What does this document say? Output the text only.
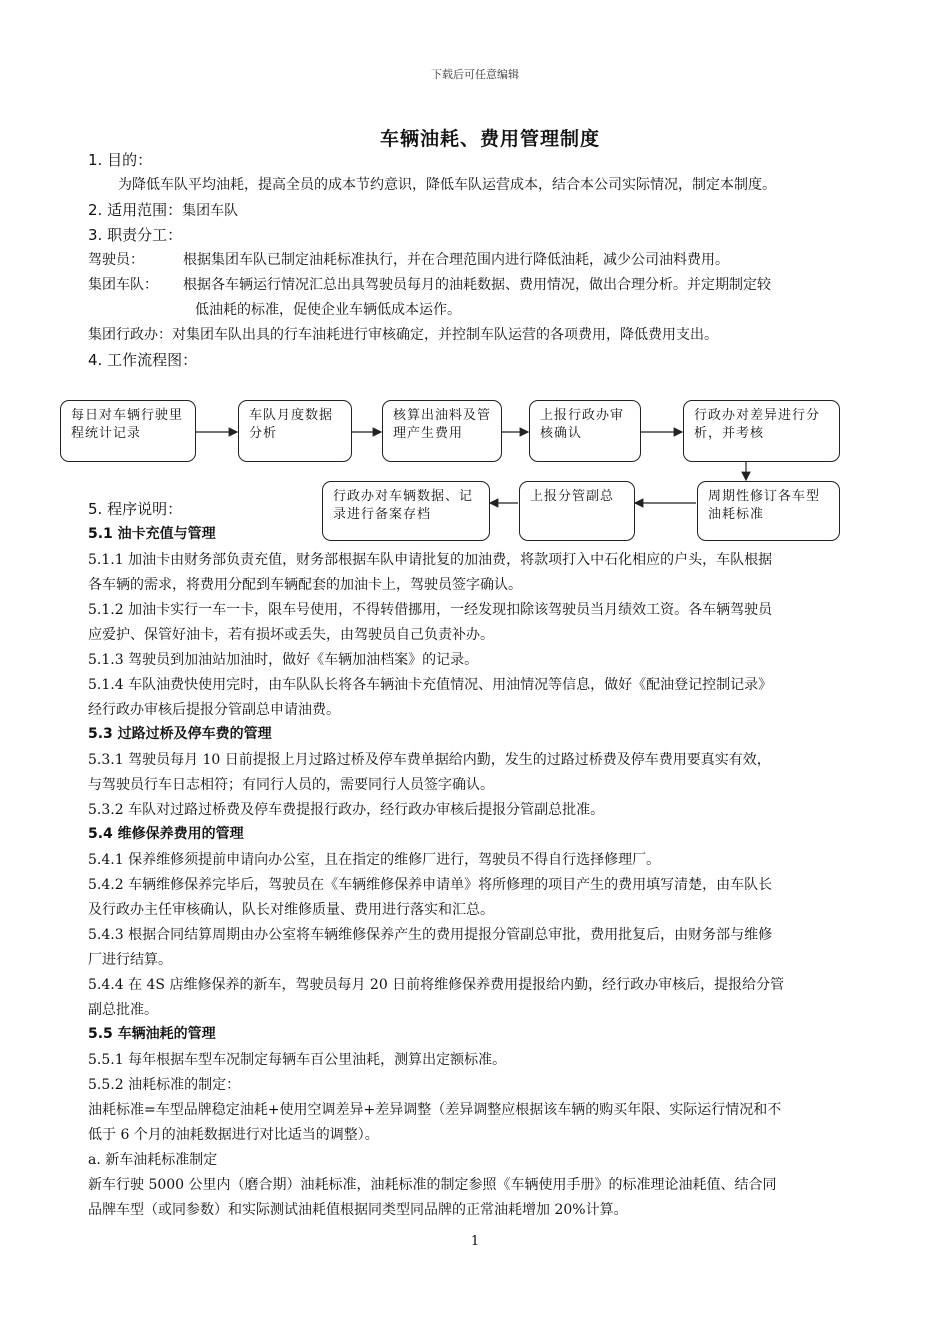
下载后可任意编辑
车辆油耗、费用管理制度
1. 目的：
为降低车队平均油耗，提高全员的成本节约意识，降低车队运营成本，结合本公司实际情况，制定本制度。
2. 适用范围：集团车队
3. 职责分工：
驾驶员：	根据集团车队已制定油耗标准执行，并在合理范围内进行降低油耗，减少公司油料费用。
集团车队： 根据各车辆运行情况汇总出具驾驶员每月的油耗数据、费用情况，做出合理分析。并定期制定较
低油耗的标准，促使企业车辆低成本运作。
集团行政办：对集团车队出具的行车油耗进行审核确定，并控制车队运营的各项费用，降低费用支出。
4. 工作流程图：
每日对车辆行驶里程统计记录
车队月度数据分析
核算出油料及管理产生费用
上报行政办审核确认
行政办对差异进行分析，并考核
周期性修订各车型油耗标准
上报分管副总
行政办对车辆数据、记录进行备案存档
5. 程序说明：
5.1 油卡充值与管理
5.1.1 加油卡由财务部负责充值，财务部根据车队申请批复的加油费，将款项打入中石化相应的户头，车队根据
各车辆的需求，将费用分配到车辆配套的加油卡上，驾驶员签字确认。
5.1.2 加油卡实行一车一卡，限车号使用，不得转借挪用，一经发现扣除该驾驶员当月绩效工资。各车辆驾驶员
应爱护、保管好油卡，若有损坏或丢失，由驾驶员自己负责补办。
5.1.3 驾驶员到加油站加油时，做好《车辆加油档案》的记录。
5.1.4 车队油费快使用完时，由车队队长将各车辆油卡充值情况、用油情况等信息，做好《配油登记控制记录》
经行政办审核后提报分管副总申请油费。
5.3 过路过桥及停车费的管理
5.3.1 驾驶员每月 10 日前提报上月过路过桥及停车费单据给内勤，发生的过路过桥费及停车费用要真实有效，
与驾驶员行车日志相符；有同行人员的，需要同行人员签字确认。
5.3.2 车队对过路过桥费及停车费提报行政办，经行政办审核后提报分管副总批准。
5.4 维修保养费用的管理
5.4.1 保养维修须提前申请向办公室，且在指定的维修厂进行，驾驶员不得自行选择修理厂。
5.4.2 车辆维修保养完毕后，驾驶员在《车辆维修保养申请单》将所修理的项目产生的费用填写清楚，由车队长
及行政办主任审核确认，队长对维修质量、费用进行落实和汇总。
5.4.3 根据合同结算周期由办公室将车辆维修保养产生的费用提报分管副总审批，费用批复后，由财务部与维修
厂进行结算。
5.4.4 在 4S 店维修保养的新车，驾驶员每月 20 日前将维修保养费用提报给内勤，经行政办审核后，提报给分管
副总批准。
5.5 车辆油耗的管理
5.5.1 每年根据车型车况制定每辆车百公里油耗，测算出定额标准。
5.5.2 油耗标准的制定：
油耗标准=车型品牌稳定油耗+使用空调差异+差异调整（差异调整应根据该车辆的购买年限、实际运行情况和不
低于 6 个月的油耗数据进行对比适当的调整）。
a. 新车油耗标准制定
新车行驶 5000 公里内（磨合期）油耗标准，油耗标准的制定参照《车辆使用手册》的标准理论油耗值、结合同
品牌车型（或同参数）和实际测试油耗值根据同类型同品牌的正常油耗增加 20%计算。
1
